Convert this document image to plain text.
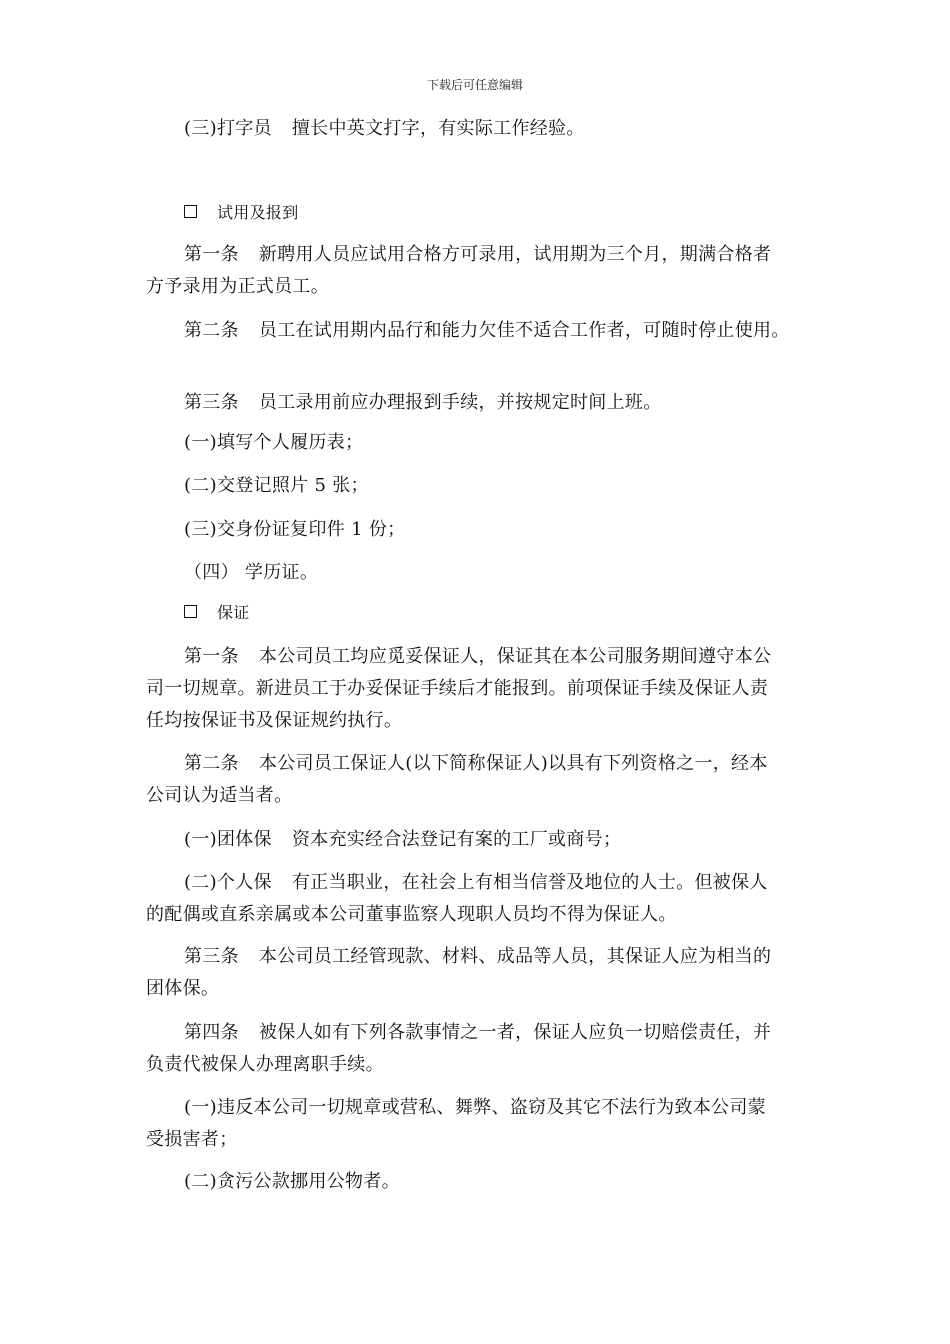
下载后可任意编辑
(三)打字员 擅长中英文打字，有实际工作经验。
试用及报到
第一条 新聘用人员应试用合格方可录用，试用期为三个月，期满合格者
方予录用为正式员工。
第二条 员工在试用期内品行和能力欠佳不适合工作者，可随时停止使用。
第三条 员工录用前应办理报到手续，并按规定时间上班。
(一)填写个人履历表；
(二)交登记照片 5 张；
(三)交身份证复印件 1 份；
（四） 学历证。
保证
第一条 本公司员工均应觅妥保证人，保证其在本公司服务期间遵守本公
司一切规章。新进员工于办妥保证手续后才能报到。前项保证手续及保证人责
任均按保证书及保证规约执行。
第二条 本公司员工保证人(以下简称保证人)以具有下列资格之一，经本
公司认为适当者。
(一)团体保 资本充实经合法登记有案的工厂或商号；
(二)个人保 有正当职业，在社会上有相当信誉及地位的人士。但被保人
的配偶或直系亲属或本公司董事监察人现职人员均不得为保证人。
第三条 本公司员工经管现款、材料、成品等人员，其保证人应为相当的
团体保。
第四条 被保人如有下列各款事情之一者，保证人应负一切赔偿责任，并
负责代被保人办理离职手续。
(一)违反本公司一切规章或营私、舞弊、盗窃及其它不法行为致本公司蒙
受损害者；
(二)贪污公款挪用公物者。
